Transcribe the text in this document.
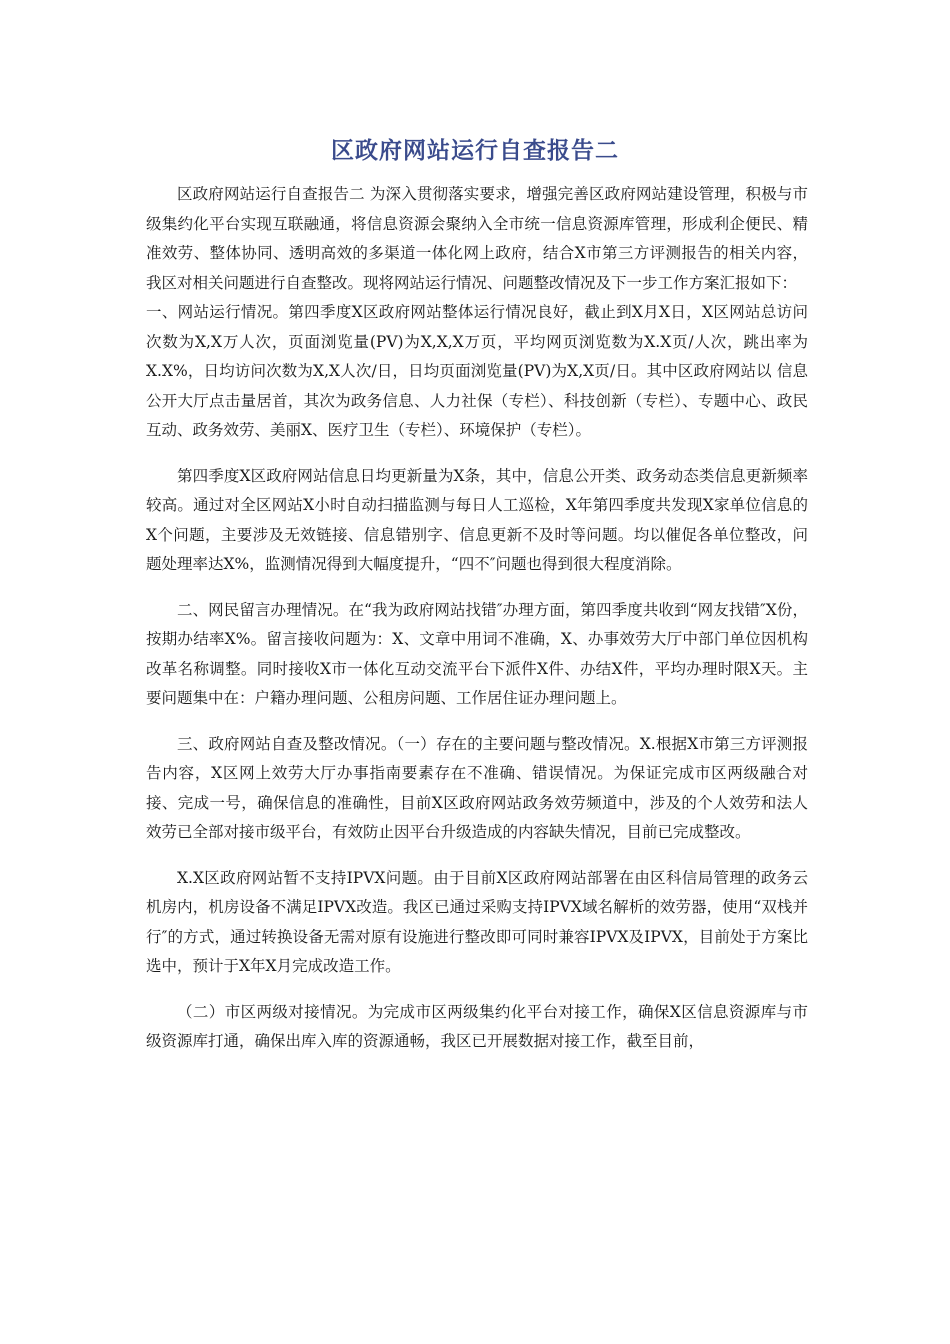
区政府网站运行自查报告二

区政府网站运行自查报告二 为深入贯彻落实要求，增强完善区政府网站建设管理，积极与市级集约化平台实现互联融通，将信息资源会聚纳入全市统一信息资源库管理，形成利企便民、精准效劳、整体协同、透明高效的多渠道一体化网上政府，结合X市第三方评测报告的相关内容，我区对相关问题进行自查整改。现将网站运行情况、问题整改情况及下一步工作方案汇报如下：

一、网站运行情况。第四季度X区政府网站整体运行情况良好，截止到X月X日，X区网站总访问次数为X,X万人次，页面浏览量(PV)为X,X,X万页，平均网页浏览数为X.X页/人次，跳出率为X.X%，日均访问次数为X,X人次/日，日均页面浏览量(PV)为X,X页/日。其中区政府网站以 信息公开大厅点击量居首，其次为政务信息、人力社保（专栏）、科技创新（专栏）、专题中心、政民互动、政务效劳、美丽X、医疗卫生（专栏）、环境保护（专栏）。

第四季度X区政府网站信息日均更新量为X条，其中，信息公开类、政务动态类信息更新频率较高。通过对全区网站X小时自动扫描监测与每日人工巡检，X年第四季度共发现X家单位信息的X个问题，主要涉及无效链接、信息错别字、信息更新不及时等问题。均以催促各单位整改，问题处理率达X%，监测情况得到大幅度提升，“四不″问题也得到很大程度消除。

二、网民留言办理情况。在“我为政府网站找错″办理方面，第四季度共收到“网友找错″X份，按期办结率X%。留言接收问题为：X、文章中用词不准确，X、办事效劳大厅中部门单位因机构改革名称调整。同时接收X市一体化互动交流平台下派件X件、办结X件，平均办理时限X天。主要问题集中在：户籍办理问题、公租房问题、工作居住证办理问题上。

三、政府网站自查及整改情况。（一）存在的主要问题与整改情况。X.根据X市第三方评测报告内容，X区网上效劳大厅办事指南要素存在不准确、错误情况。为保证完成市区两级融合对接、完成一号，确保信息的准确性，目前X区政府网站政务效劳频道中，涉及的个人效劳和法人效劳已全部对接市级平台，有效防止因平台升级造成的内容缺失情况，目前已完成整改。

X.X区政府网站暂不支持IPVX问题。由于目前X区政府网站部署在由区科信局管理的政务云机房内，机房设备不满足IPVX改造。我区已通过采购支持IPVX域名解析的效劳器，使用“双栈并行″的方式，通过转换设备无需对原有设施进行整改即可同时兼容IPVX及IPVX，目前处于方案比选中，预计于X年X月完成改造工作。

（二）市区两级对接情况。为完成市区两级集约化平台对接工作，确保X区信息资源库与市级资源库打通，确保出库入库的资源通畅，我区已开展数据对接工作，截至目前，
